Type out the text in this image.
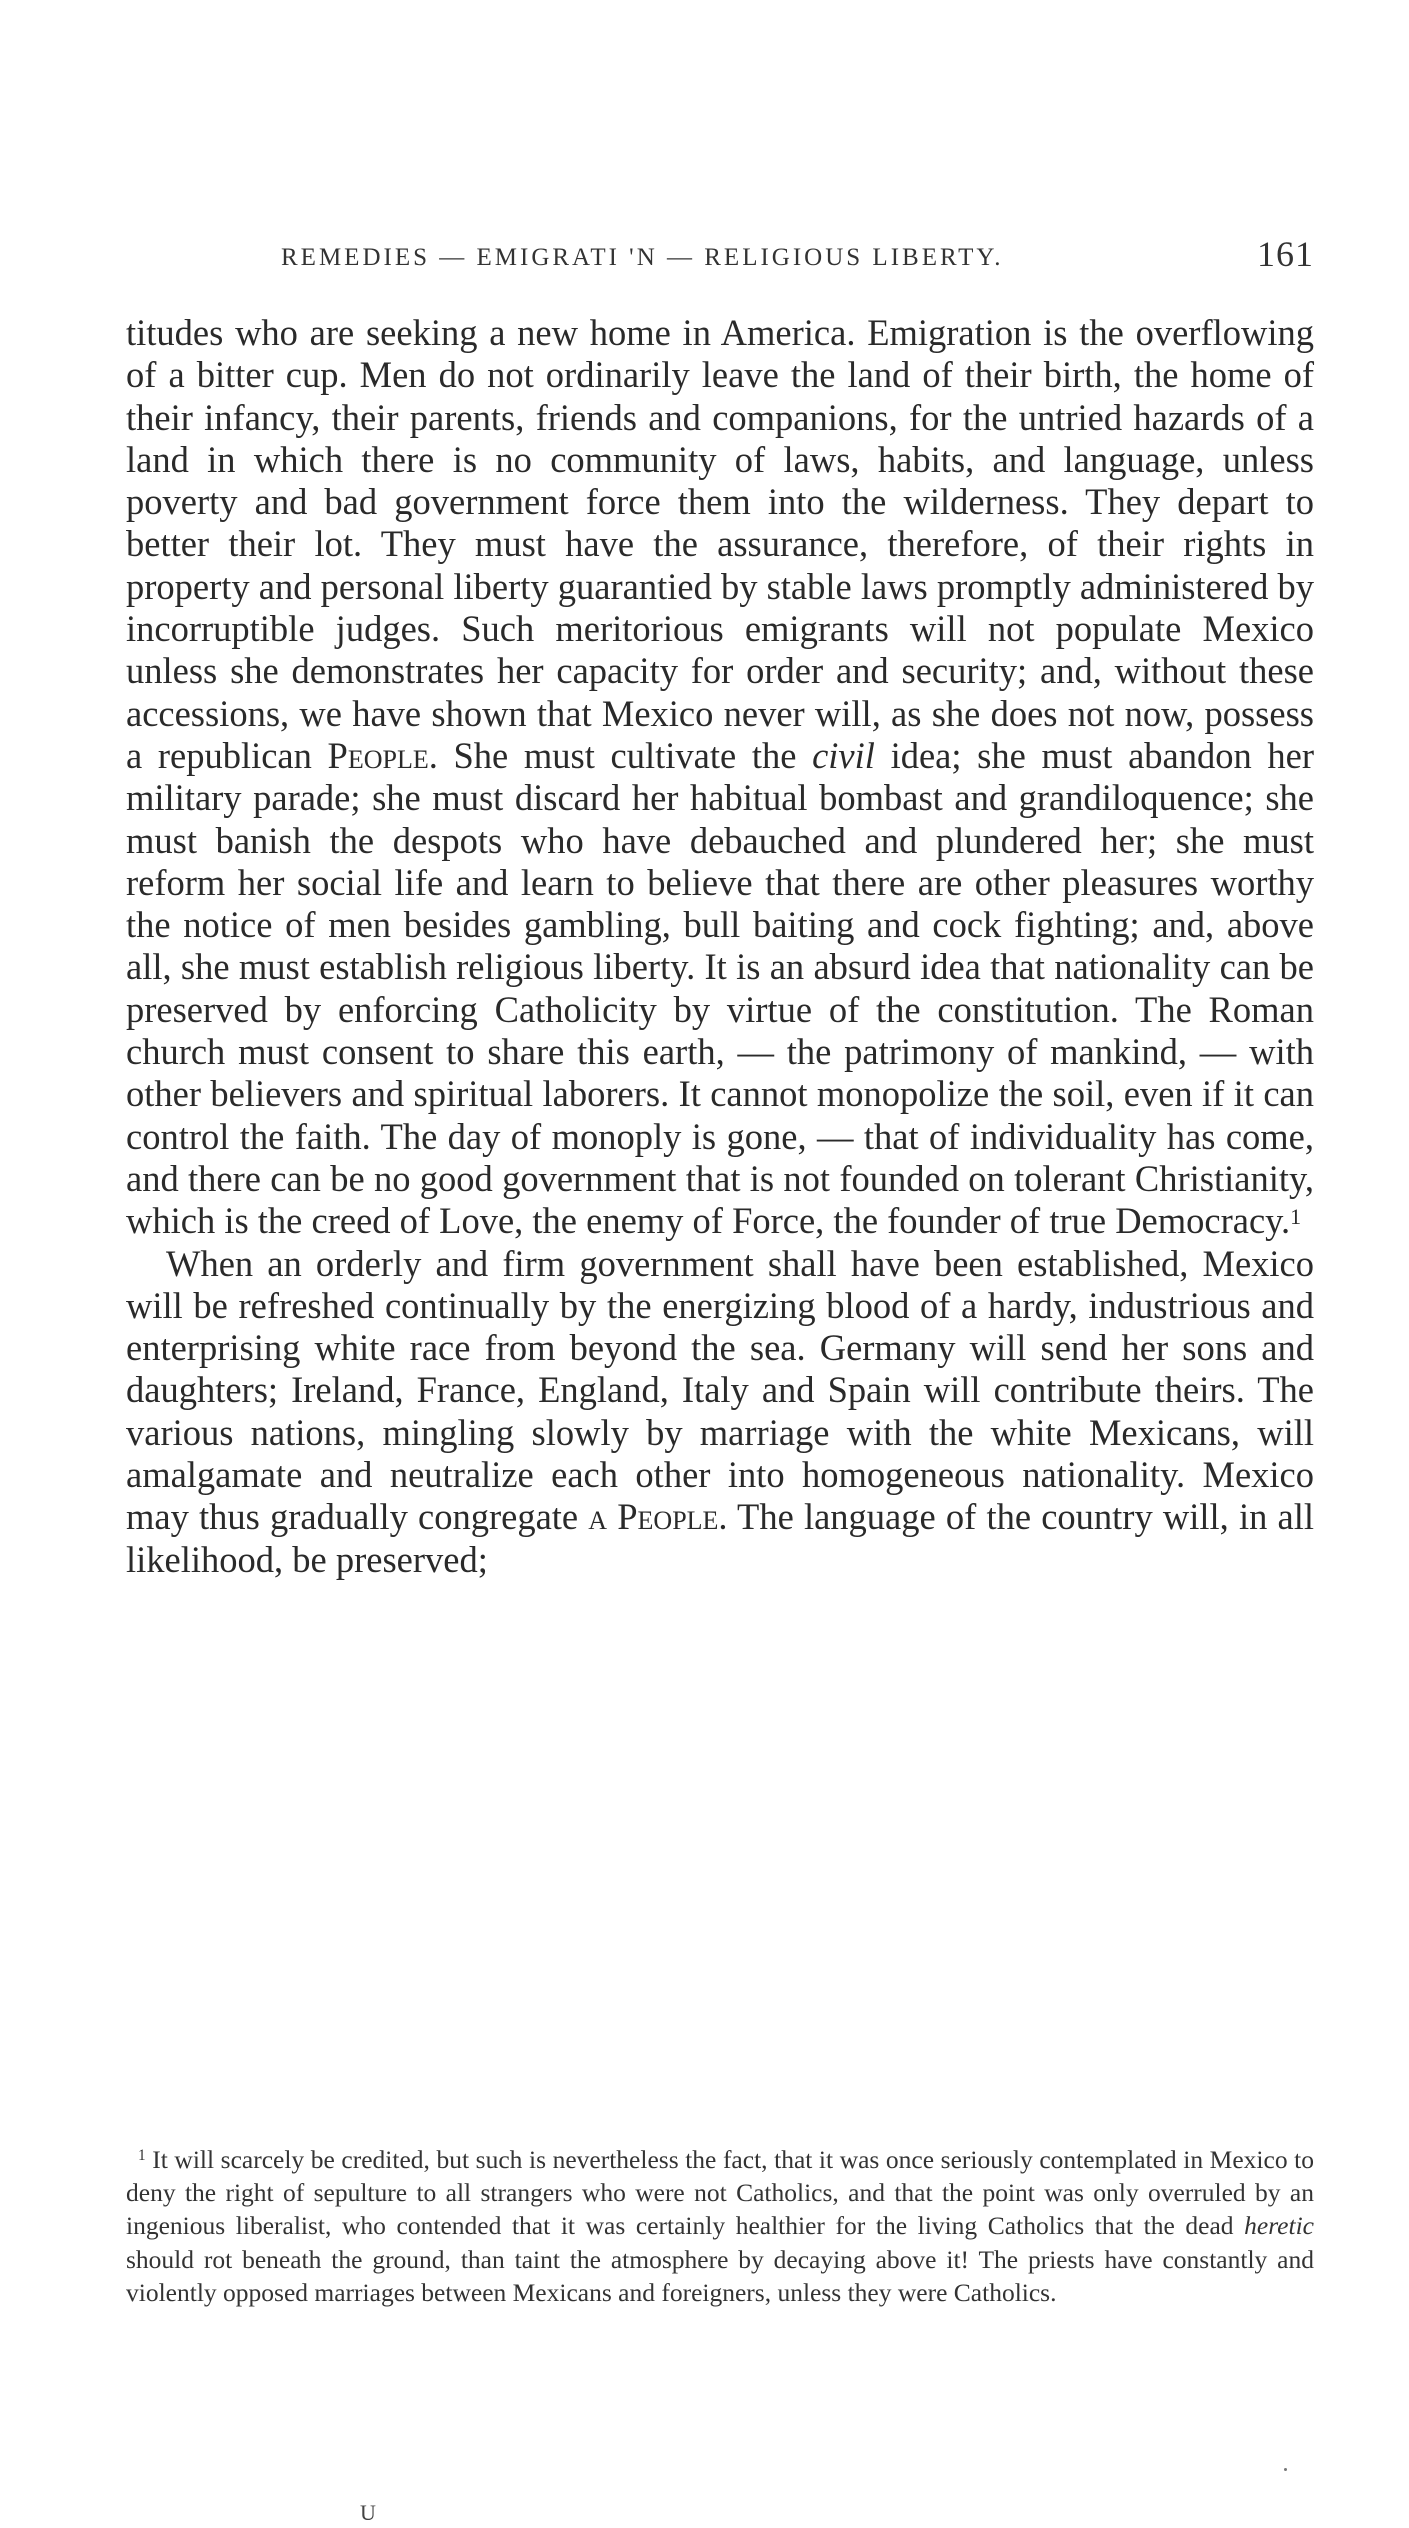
REMEDIES — EMIGRATI 'N — RELIGIOUS LIBERTY.	161

titudes who are seeking a new home in America. Emigration is the overflowing of a bitter cup. Men do not ordinarily leave the land of their birth, the home of their infancy, their parents, friends and companions, for the untried hazards of a land in which there is no community of laws, habits, and language, unless poverty and bad government force them into the wilderness. They depart to better their lot. They must have the assurance, therefore, of their rights in property and personal liberty guarantied by stable laws promptly administered by incorruptible judges. Such meritorious emigrants will not populate Mexico unless she demonstrates her capacity for order and security; and, without these accessions, we have shown that Mexico never will, as she does not now, possess a republican People. She must cultivate the civil idea; she must abandon her military parade; she must discard her habitual bombast and grandiloquence; she must banish the despots who have debauched and plundered her; she must reform her social life and learn to believe that there are other pleasures worthy the notice of men besides gambling, bull baiting and cock fighting; and, above all, she must establish religious liberty. It is an absurd idea that nationality can be preserved by enforcing Catholicity by virtue of the constitution. The Roman church must consent to share this earth, — the patrimony of mankind, — with other believers and spiritual laborers. It cannot monopolize the soil, even if it can control the faith. The day of monoply is gone, — that of individuality has come, and there can be no good government that is not founded on tolerant Christianity, which is the creed of Love, the enemy of Force, the founder of true Democracy.$^1$

When an orderly and firm government shall have been established, Mexico will be refreshed continually by the energizing blood of a hardy, industrious and enterprising white race from beyond the sea. Germany will send her sons and daughters; Ireland, France, England, Italy and Spain will contribute theirs. The various nations, mingling slowly by marriage with the white Mexicans, will amalgamate and neutralize each other into homogeneous nationality. Mexico may thus gradually congregate a People. The language of the country will, in all likelihood, be preserved;

$^1$ It will scarcely be credited, but such is nevertheless the fact, that it was once seriously contemplated in Mexico to deny the right of sepulture to all strangers who were not Catholics, and that the point was only overruled by an ingenious liberalist, who contended that it was certainly healthier for the living Catholics that the dead heretic should rot beneath the ground, than taint the atmosphere by decaying above it! The priests have constantly and violently opposed marriages between Mexicans and foreigners, unless they were Catholics.

U
